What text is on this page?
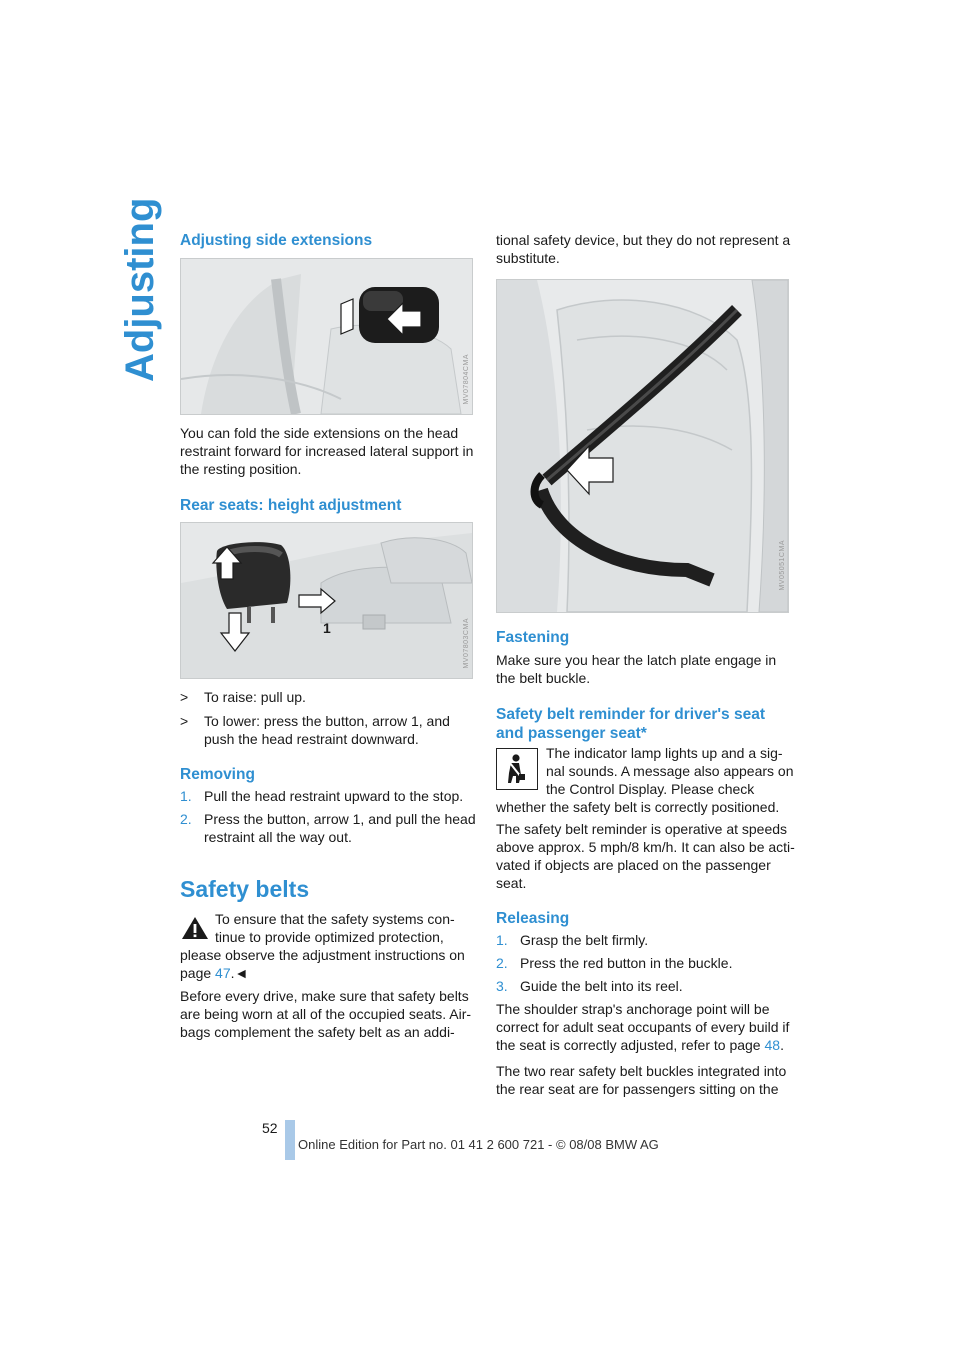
Adjusting Adjusting side extensions
MV07804CMA
You can fold the side extensions on the head
restraint forward for increased lateral support in
the resting position.
Rear seats: height adjustment
1	MV07803CMA
>	To raise: pull up.
>	To lower: press the button, arrow 1, and
push the head restraint downward.
Removing
1. Pull the head restraint upward to the stop.
2. Press the button, arrow 1, and pull the head
restraint all the way out.
Safety belts
To ensure that the safety systems con-
tinue to provide optimized protection,
please observe the adjustment instructions on
page 47.◄
Before every drive, make sure that safety belts
are being worn at all of the occupied seats. Air-
bags complement the safety belt as an addi-
tional safety device, but they do not represent a
substitute.
MV05051CMA
Fastening
Make sure you hear the latch plate engage in
the belt buckle.
Safety belt reminder for driver's seat
and passenger seat*
The indicator lamp lights up and a sig-
nal sounds. A message also appears on
the Control Display. Please check
whether the safety belt is correctly positioned.
The safety belt reminder is operative at speeds
above approx. 5 mph/8 km/h. It can also be acti-
vated if objects are placed on the passenger
seat.
Releasing
1. Grasp the belt firmly.
2. Press the red button in the buckle.
3. Guide the belt into its reel.
The shoulder strap's anchorage point will be
correct for adult seat occupants of every build if
the seat is correctly adjusted, refer to page 48.
The two rear safety belt buckles integrated into
the rear seat are for passengers sitting on the
52
Online Edition for Part no. 01 41 2 600 721 - © 08/08 BMW AG
